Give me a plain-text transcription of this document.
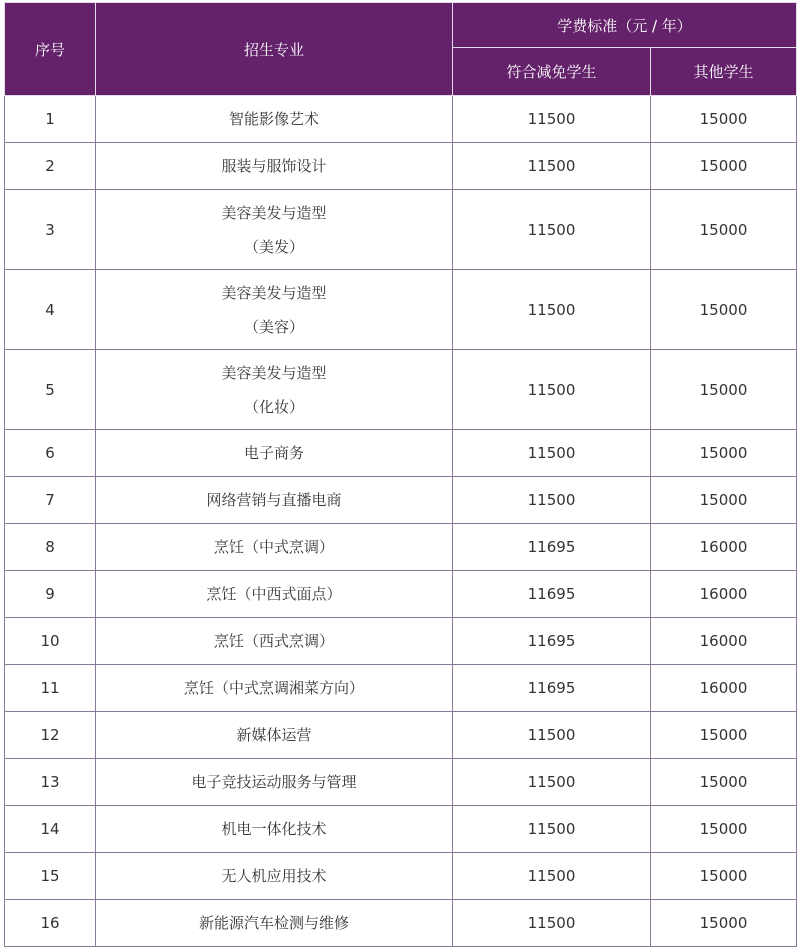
序号	招生专业	学费标准（元 / 年）	
		符合减免学生	其他学生
1	智能影像艺术	11500	15000
2	服装与服饰设计	11500	15000
3	美容美发与造型
（美发）	11500	15000
4	美容美发与造型
（美容）	11500	15000
5	美容美发与造型
（化妆）	11500	15000
6	电子商务	11500	15000
7	网络营销与直播电商	11500	15000
8	烹饪（中式烹调）	11695	16000
9	烹饪（中西式面点）	11695	16000
10	烹饪（西式烹调）	11695	16000
11	烹饪（中式烹调湘菜方向）	11695	16000
12	新媒体运营	11500	15000
13	电子竞技运动服务与管理	11500	15000
14	机电一体化技术	11500	15000
15	无人机应用技术	11500	15000
16	新能源汽车检测与维修	11500	15000
